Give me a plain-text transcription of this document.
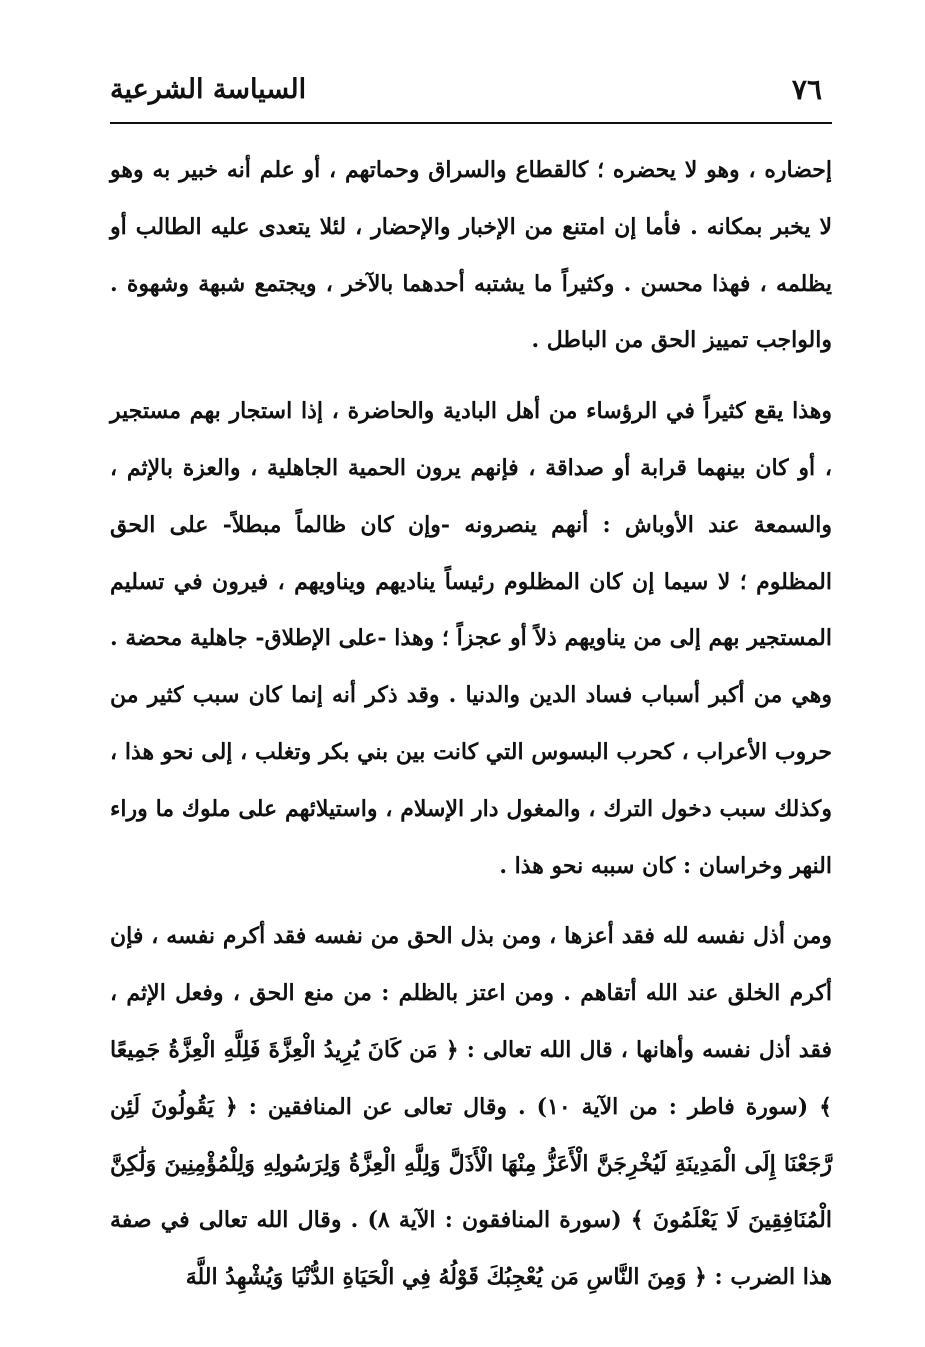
٧٦
السياسة الشرعية

إحضاره ، وهو لا يحضره ؛ كالقطاع والسراق وحماتهم ، أو علم أنه خبير به وهو لا يخبر بمكانه . فأما إن امتنع من الإخبار والإحضار ، لئلا يتعدى عليه الطالب أو يظلمه ، فهذا محسن . وكثيراً ما يشتبه أحدهما بالآخر ، ويجتمع شبهة وشهوة . والواجب تمييز الحق من الباطل .

وهذا يقع كثيراً في الرؤساء من أهل البادية والحاضرة ، إذا استجار بهم مستجير ، أو كان بينهما قرابة أو صداقة ، فإنهم يرون الحمية الجاهلية ، والعزة بالإثم ، والسمعة عند الأوباش : أنهم ينصرونه -وإن كان ظالماً مبطلاً- على الحق المظلوم ؛ لا سيما إن كان المظلوم رئيساً يناديهم ويناويهم ، فيرون في تسليم المستجير بهم إلى من يناويهم ذلاً أو عجزاً ؛ وهذا -على الإطلاق- جاهلية محضة . وهي من أكبر أسباب فساد الدين والدنيا . وقد ذكر أنه إنما كان سبب كثير من حروب الأعراب ، كحرب البسوس التي كانت بين بني بكر وتغلب ، إلى نحو هذا ، وكذلك سبب دخول الترك ، والمغول دار الإسلام ، واستيلائهم على ملوك ما وراء النهر وخراسان : كان سببه نحو هذا .

ومن أذل نفسه لله فقد أعزها ، ومن بذل الحق من نفسه فقد أكرم نفسه ، فإن أكرم الخلق عند الله أتقاهم . ومن اعتز بالظلم : من منع الحق ، وفعل الإثم ، فقد أذل نفسه وأهانها ، قال الله تعالى : ﴿ مَن كَانَ يُرِيدُ الْعِزَّةَ فَلِلَّهِ الْعِزَّةُ جَمِيعًا ﴾ (سورة فاطر : من الآية ١٠) . وقال تعالى عن المنافقين : ﴿ يَقُولُونَ لَئِن رَّجَعْنَا إِلَى الْمَدِينَةِ لَيُخْرِجَنَّ الْأَعَزُّ مِنْهَا الْأَذَلَّ وَلِلَّهِ الْعِزَّةُ وَلِرَسُولِهِ وَلِلْمُؤْمِنِينَ وَلَٰكِنَّ الْمُنَافِقِينَ لَا يَعْلَمُونَ ﴾ (سورة المنافقون : الآية ٨) . وقال الله تعالى في صفة هذا الضرب : ﴿ وَمِنَ النَّاسِ مَن يُعْجِبُكَ قَوْلُهُ فِي الْحَيَاةِ الدُّنْيَا وَيُشْهِدُ اللَّهَ
